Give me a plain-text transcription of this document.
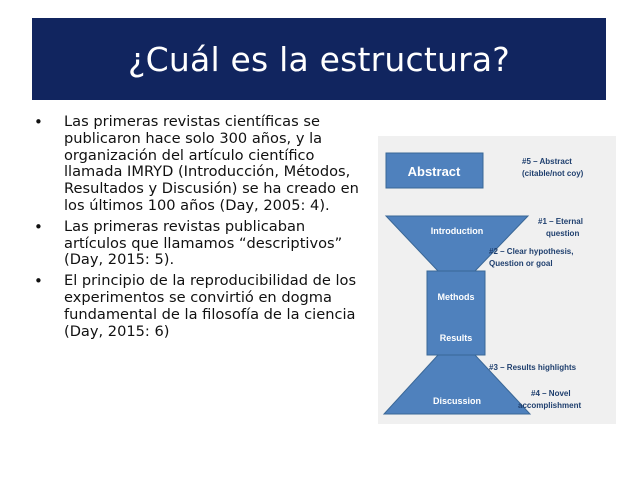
¿Cuál es la estructura?
• Las primeras revistas científicas se publicaron hace solo 300 años, y la organización del artículo científico llamada IMRYD (Introducción, Métodos, Resultados y Discusión) se ha creado en los últimos 100 años (Day, 2005: 4).
• Las primeras revistas publicaban artículos que llamamos “descriptivos” (Day, 2015: 5).
• El principio de la reproducibilidad de los experimentos se convirtió en dogma fundamental de la filosofía de la ciencia (Day, 2015: 6)
Abstract
Introduction
Methods
Results
Discussion
#5 – Abstract
(citable/not coy)
#1 – Eternal
question
#2 – Clear hypothesis,
Question or goal
#3 – Results highlights
#4 – Novel
accomplishment
